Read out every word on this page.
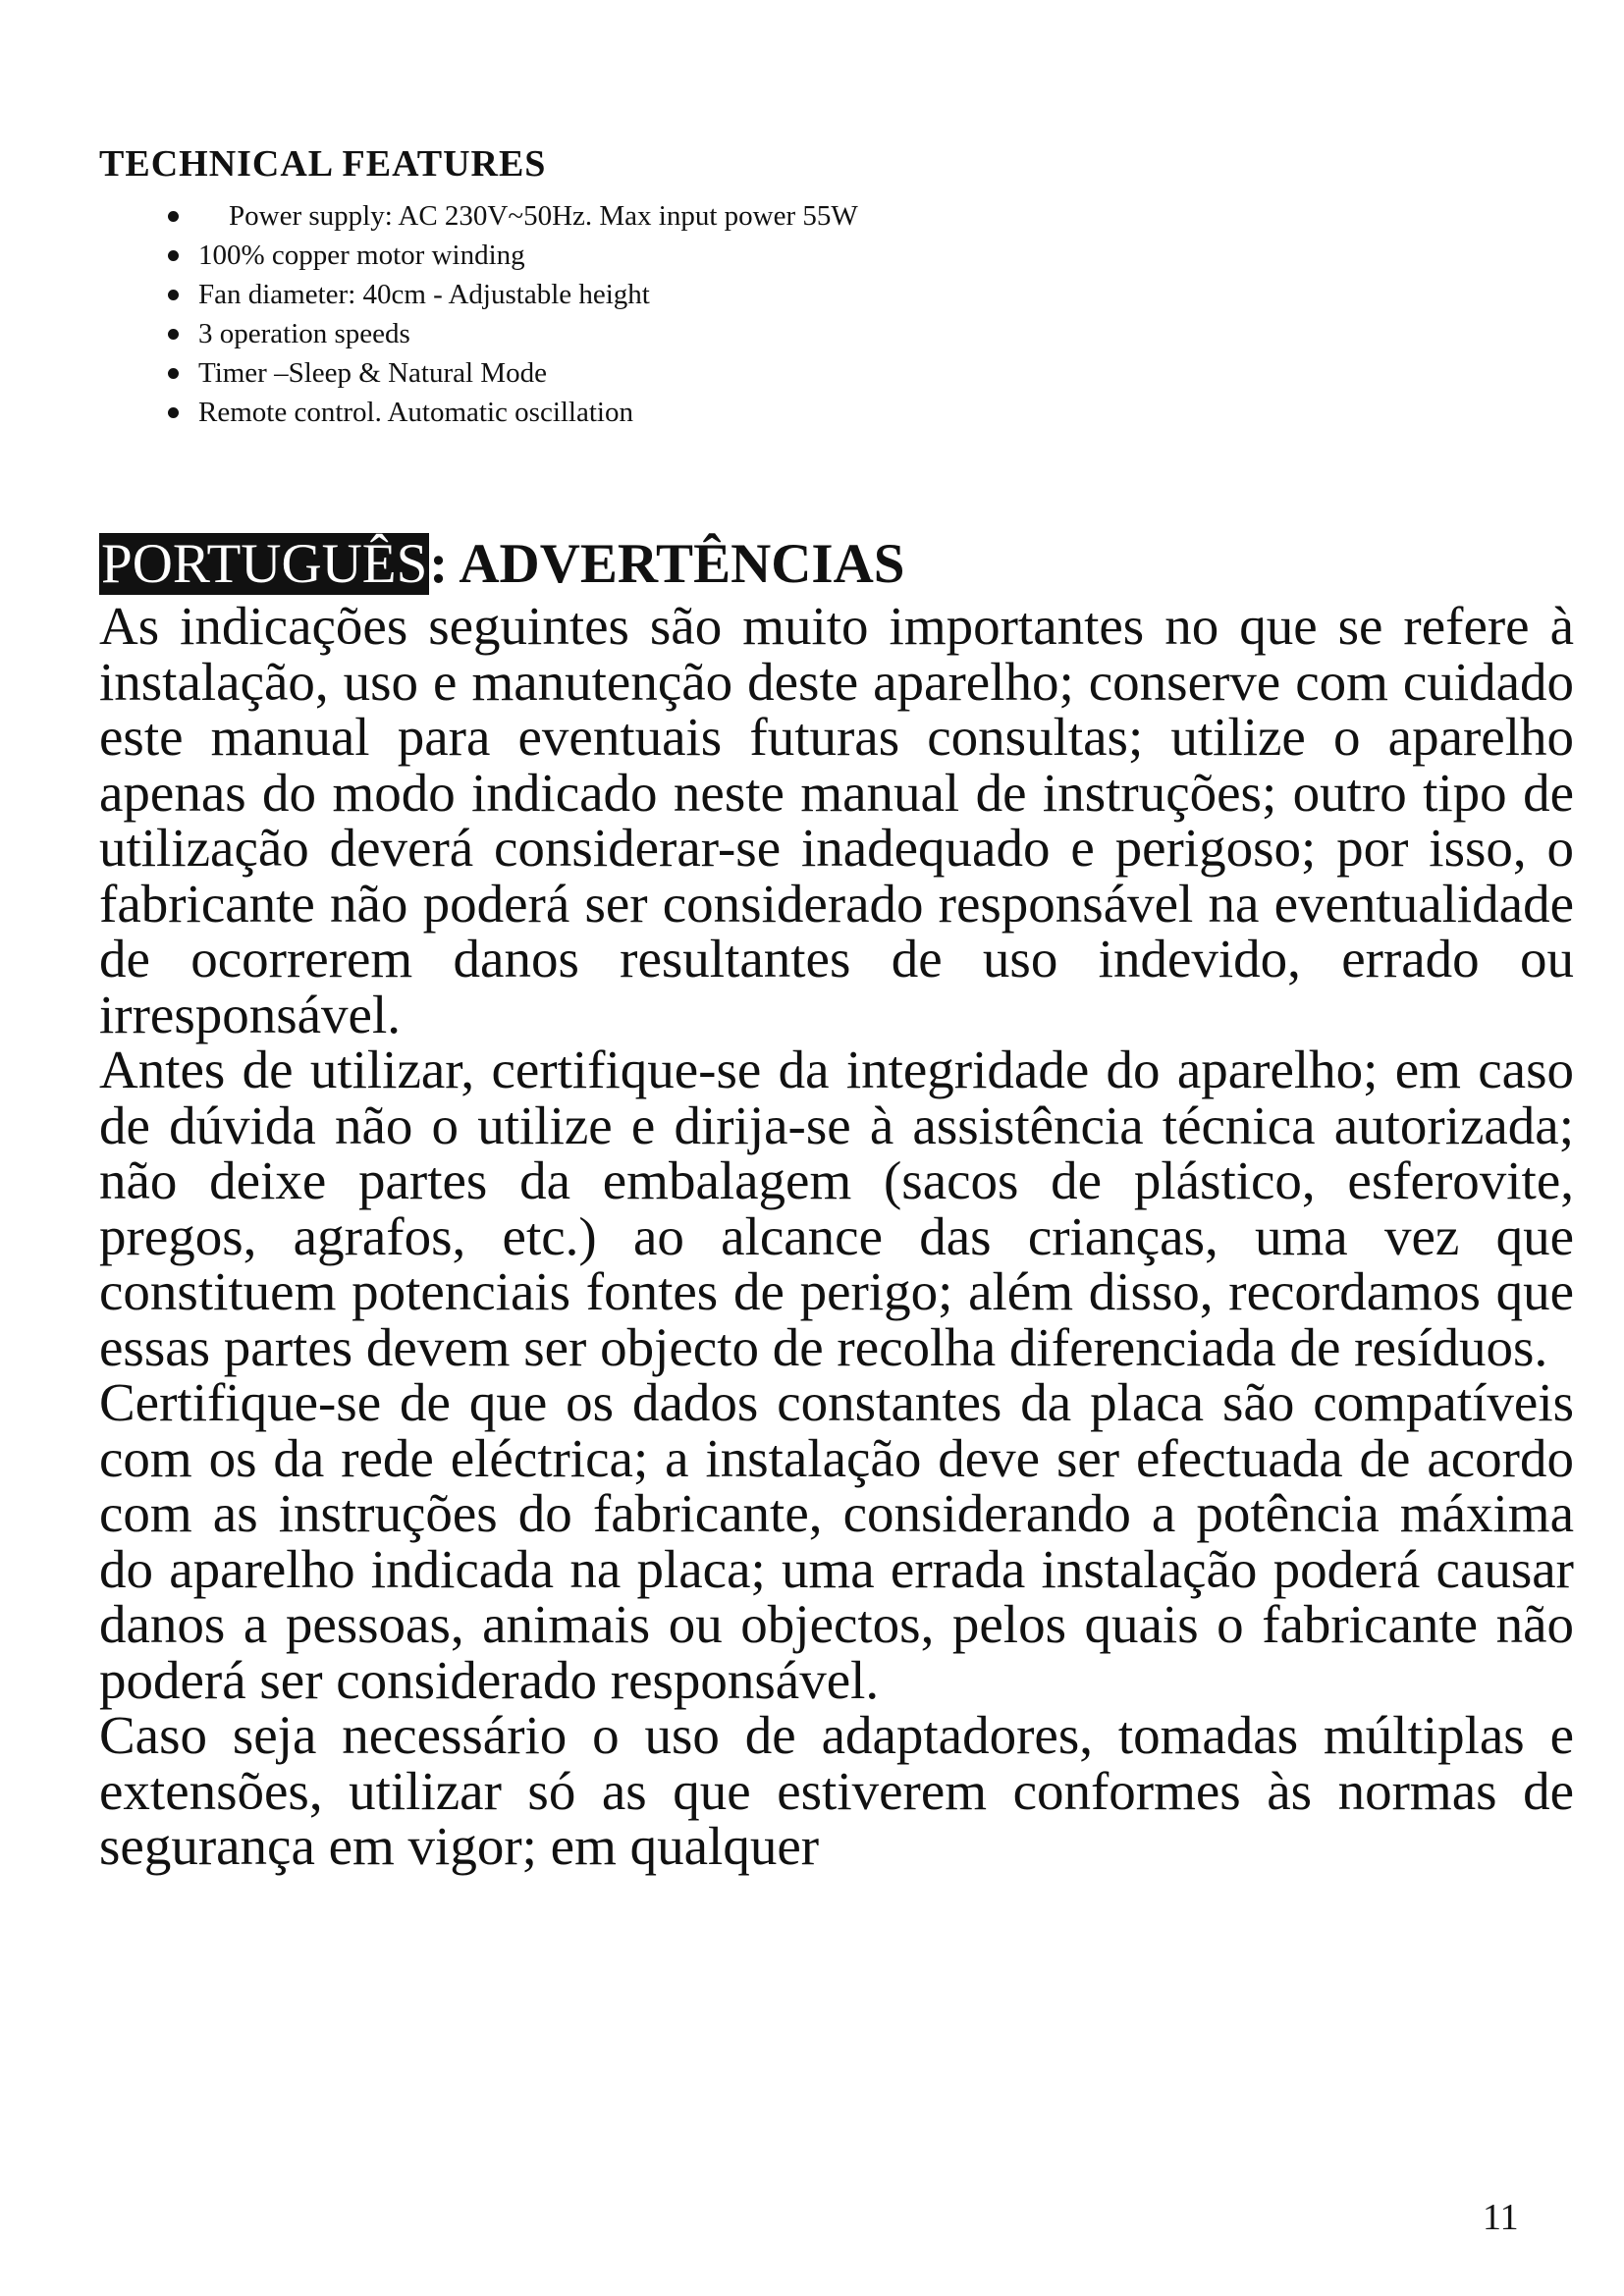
TECHNICAL FEATURES
Power supply: AC 230V~50Hz. Max input power 55W
100% copper motor winding
Fan diameter: 40cm - Adjustable height
3 operation speeds
Timer –Sleep & Natural Mode
Remote control. Automatic oscillation
PORTUGUÊS: ADVERTÊNCIAS

As indicações seguintes são muito importantes no que se refere à instalação, uso e manutenção deste aparelho; conserve com cuidado este manual para eventuais futuras consultas; utilize o aparelho apenas do modo indicado neste manual de instruções; outro tipo de utilização deverá considerar-se inadequado e perigoso; por isso, o fabricante não poderá ser considerado responsável na eventualidade de ocorrerem danos resultantes de uso indevido, errado ou irresponsável.

Antes de utilizar, certifique-se da integridade do aparelho; em caso de dúvida não o utilize e dirija-se à assistência técnica autorizada; não deixe partes da embalagem (sacos de plástico, esferovite, pregos, agrafos, etc.) ao alcance das crianças, uma vez que constituem potenciais fontes de perigo; além disso, recordamos que essas partes devem ser objecto de recolha diferenciada de resíduos.

Certifique-se de que os dados constantes da placa são compatíveis com os da rede eléctrica; a instalação deve ser efectuada de acordo com as instruções do fabricante, considerando a potência máxima do aparelho indicada na placa; uma errada instalação poderá causar danos a pessoas, animais ou objectos, pelos quais o fabricante não poderá ser considerado responsável.

Caso seja necessário o uso de adaptadores, tomadas múltiplas e extensões, utilizar só as que estiverem conformes às normas de segurança em vigor; em qualquer

11
